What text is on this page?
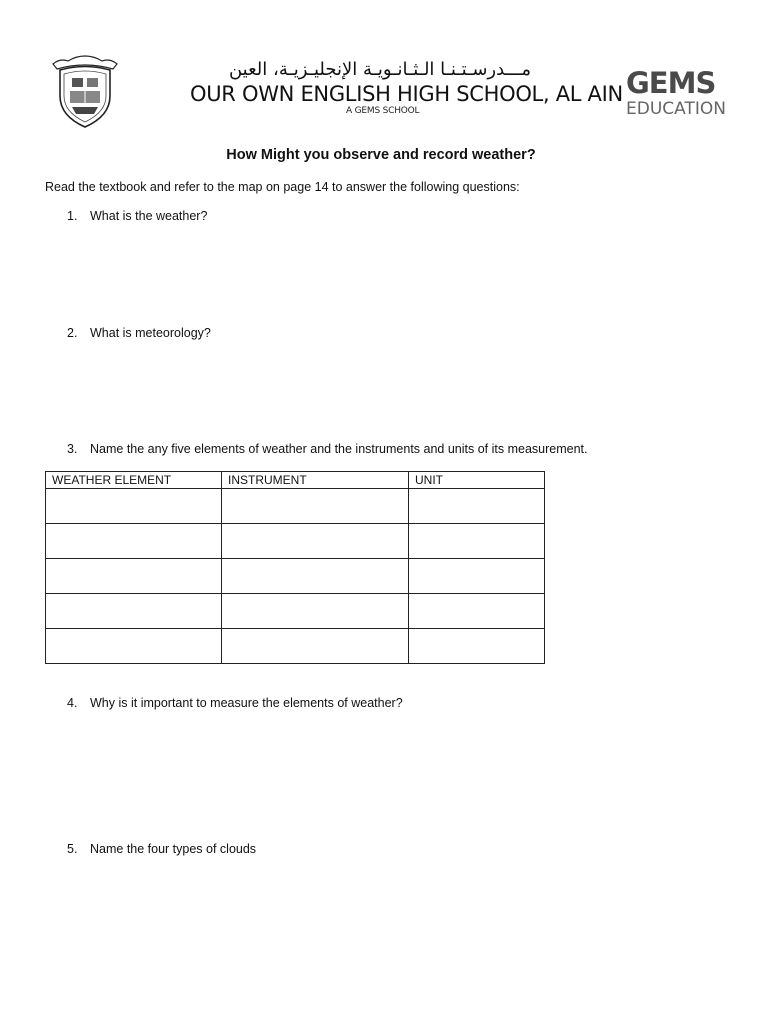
مـــدرسـتـنـا الـثـانـويـة الإنجليـزيـة، العين
OUR OWN ENGLISH HIGH SCHOOL, AL AIN
A GEMS SCHOOL
GEMS
EDUCATION
How Might you observe and record weather?
Read the textbook and refer to the map on page 14 to answer the following questions:
1. What is the weather?
2. What is meteorology?
3. Name the any five elements of weather and the instruments and units of its measurement.
WEATHER ELEMENT	INSTRUMENT	UNIT

4. Why is it important to measure the elements of weather?
5. Name the four types of clouds
